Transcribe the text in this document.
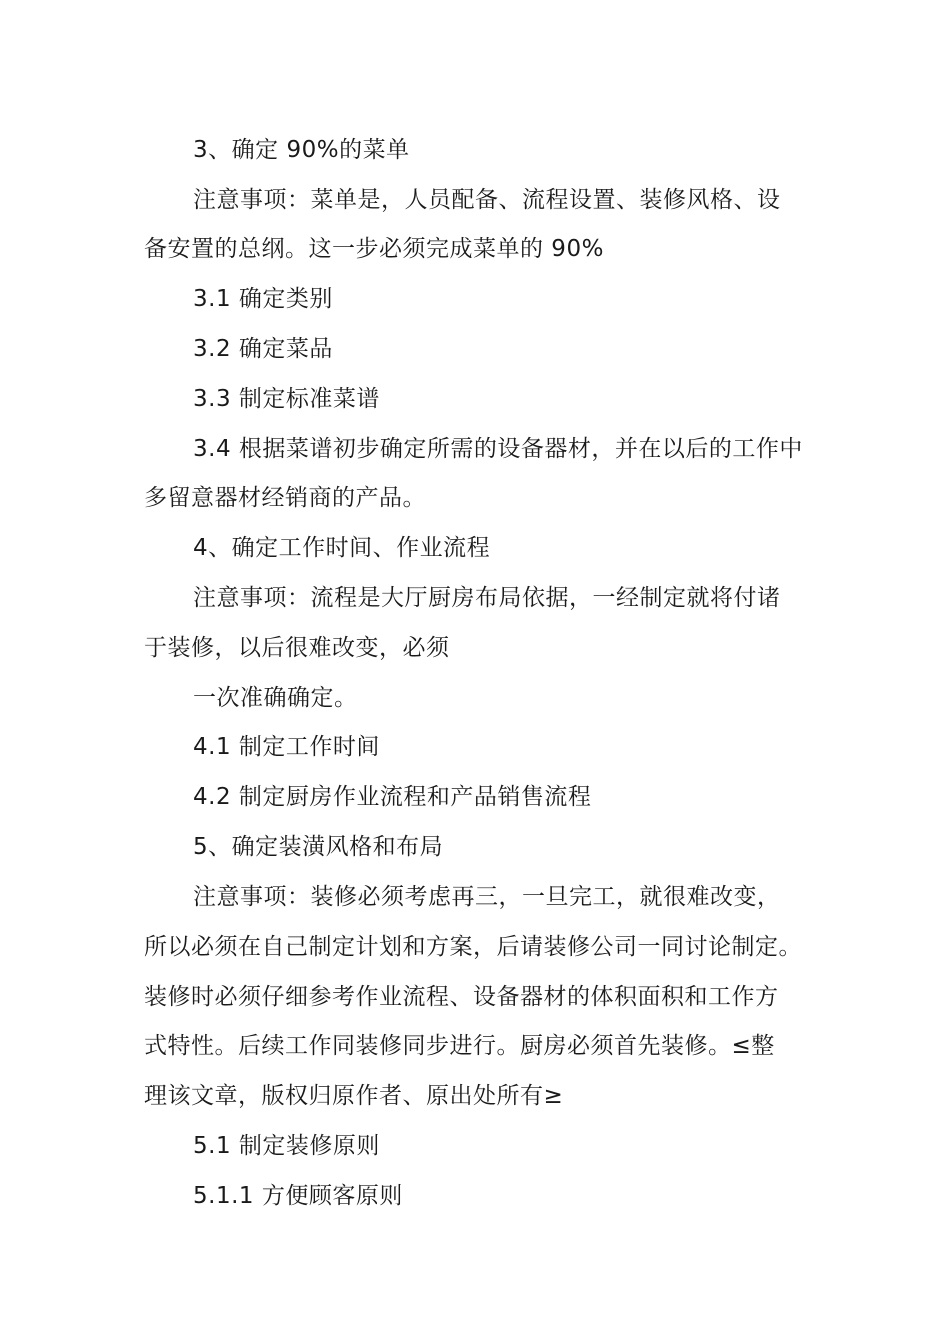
3、确定 90%的菜单
注意事项：菜单是，人员配备、流程设置、装修风格、设
备安置的总纲。这一步必须完成菜单的 90%
3.1 确定类别
3.2 确定菜品
3.3 制定标准菜谱
3.4 根据菜谱初步确定所需的设备器材，并在以后的工作中
多留意器材经销商的产品。
4、确定工作时间、作业流程
注意事项：流程是大厅厨房布局依据，一经制定就将付诸
于装修，以后很难改变，必须
一次准确确定。
4.1 制定工作时间
4.2 制定厨房作业流程和产品销售流程
5、确定装潢风格和布局
注意事项：装修必须考虑再三，一旦完工，就很难改变，
所以必须在自己制定计划和方案，后请装修公司一同讨论制定。
装修时必须仔细参考作业流程、设备器材的体积面积和工作方
式特性。后续工作同装修同步进行。厨房必须首先装修。≤整
理该文章，版权归原作者、原出处所有≥
5.1 制定装修原则
5.1.1 方便顾客原则
